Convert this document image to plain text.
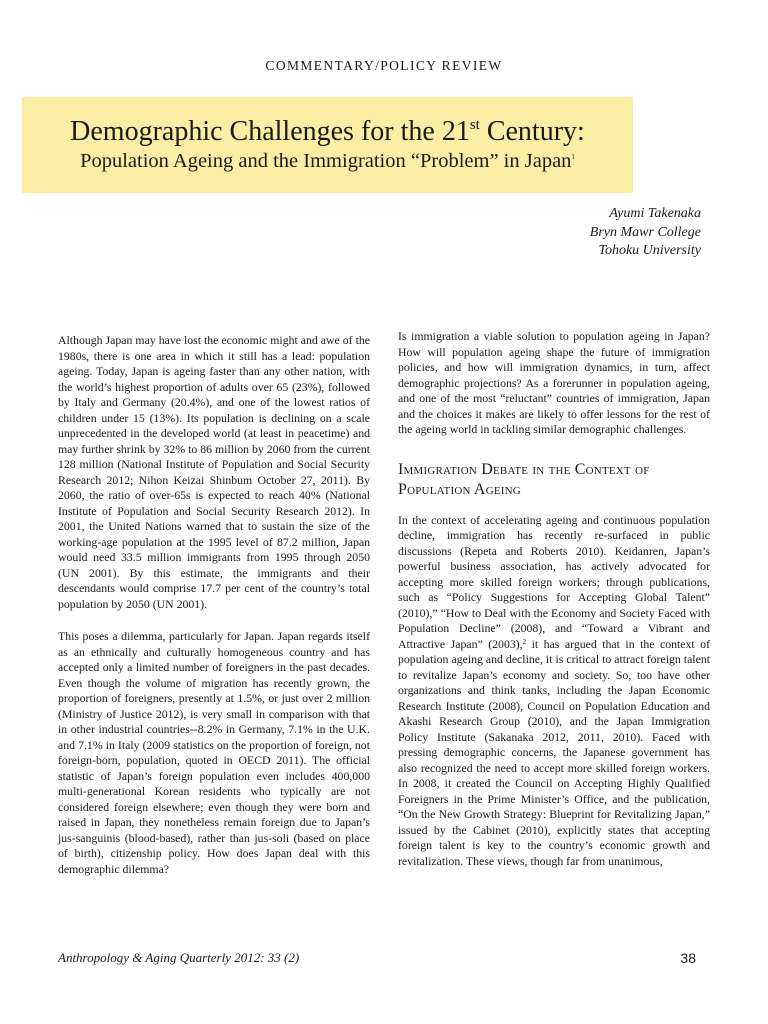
COMMENTARY/POLICY REVIEW
Demographic Challenges for the 21st Century:
Population Ageing and the Immigration “Problem” in Japan$^1$
Ayumi Takenaka
Bryn Mawr College
Tohoku University

Although Japan may have lost the economic might and awe of the 1980s, there is one area in which it still has a lead: population ageing. Today, Japan is ageing faster than any other nation, with the world’s highest proportion of adults over 65 (23%), followed by Italy and Germany (20.4%), and one of the lowest ratios of children under 15 (13%). Its population is declining on a scale unprecedented in the developed world (at least in peacetime) and may further shrink by 32% to 86 million by 2060 from the current 128 million (National Institute of Population and Social Security Research 2012; Nihon Keizai Shinbum October 27, 2011). By 2060, the ratio of over-65s is expected to reach 40% (National Institute of Population and Social Security Research 2012). In 2001, the United Nations warned that to sustain the size of the working-age population at the 1995 level of 87.2 million, Japan would need 33.5 million immigrants from 1995 through 2050 (UN 2001). By this estimate, the immigrants and their descendants would comprise 17.7 per cent of the country’s total population by 2050 (UN 2001).

This poses a dilemma, particularly for Japan. Japan regards itself as an ethnically and culturally homogeneous country and has accepted only a limited number of foreigners in the past decades. Even though the volume of migration has recently grown, the proportion of foreigners, presently at 1.5%, or just over 2 million (Ministry of Justice 2012), is very small in comparison with that in other industrial countries--8.2% in Germany, 7.1% in the U.K. and 7.1% in Italy (2009 statistics on the proportion of foreign, not foreign-born, population, quoted in OECD 2011). The official statistic of Japan’s foreign population even includes 400,000 multi-generational Korean residents who typically are not considered foreign elsewhere; even though they were born and raised in Japan, they nonetheless remain foreign due to Japan’s jus-sanguinis (blood-based), rather than jus-soli (based on place of birth), citizenship policy. How does Japan deal with this demographic dilemma?

Is immigration a viable solution to population ageing in Japan? How will population ageing shape the future of immigration policies, and how will immigration dynamics, in turn, affect demographic projections? As a forerunner in population ageing, and one of the most “reluctant” countries of immigration, Japan and the choices it makes are likely to offer lessons for the rest of the ageing world in tackling similar demographic challenges.

Immigration Debate in the Context of Population Ageing

In the context of accelerating ageing and continuous population decline, immigration has recently re-surfaced in public discussions (Repeta and Roberts 2010). Keidanren, Japan’s powerful business association, has actively advocated for accepting more skilled foreign workers; through publications, such as “Policy Suggestions for Accepting Global Talent” (2010),” “How to Deal with the Economy and Society Faced with Population Decline” (2008), and “Toward a Vibrant and Attractive Japan” (2003),$^2$ it has argued that in the context of population ageing and decline, it is critical to attract foreign talent to revitalize Japan’s economy and society. So, too have other organizations and think tanks, including the Japan Economic Research Institute (2008), Council on Population Education and Akashi Research Group (2010), and the Japan Immigration Policy Institute (Sakanaka 2012, 2011, 2010). Faced with pressing demographic concerns, the Japanese government has also recognized the need to accept more skilled foreign workers. In 2008, it created the Council on Accepting Highly Qualified Foreigners in the Prime Minister’s Office, and the publication, “On the New Growth Strategy: Blueprint for Revitalizing Japan,” issued by the Cabinet (2010), explicitly states that accepting foreign talent is key to the country’s economic growth and revitalization. These views, though far from unanimous,

Anthropology & Aging Quarterly 2012: 33 (2)	38
